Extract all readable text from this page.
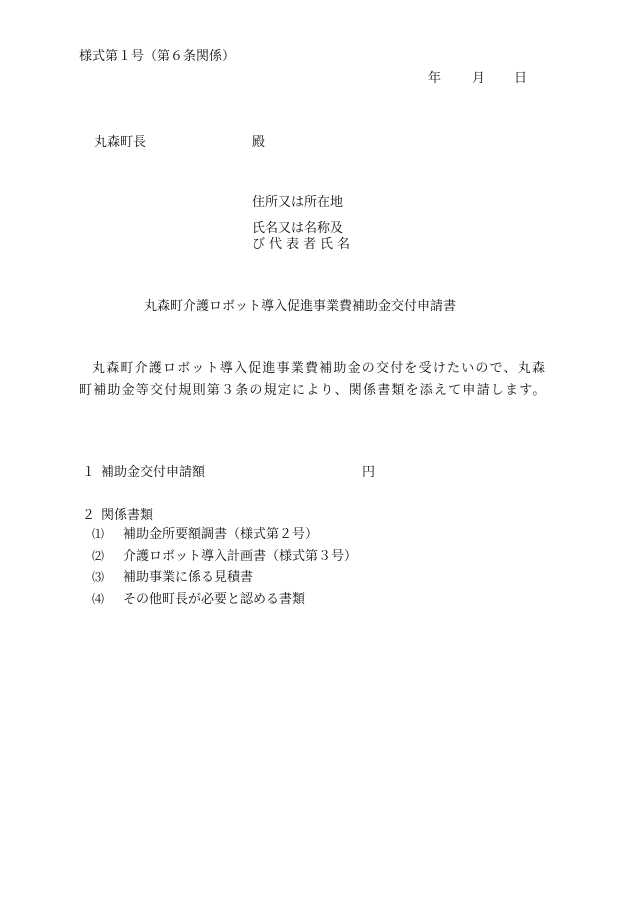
様式第１号（第６条関係）
年 月 日
丸森町長	殿
住所又は所在地
氏名又は名称及
び代表者氏名
丸森町介護ロボット導入促進事業費補助金交付申請書
丸森町介護ロボット導入促進事業費補助金の交付を受けたいので、丸森町補助金等交付規則第３条の規定により、関係書類を添えて申請します。
１ 補助金交付申請額	円
２ 関係書類
⑴	補助金所要額調書（様式第２号）
⑵	介護ロボット導入計画書（様式第３号）
⑶	補助事業に係る見積書
⑷	その他町長が必要と認める書類
